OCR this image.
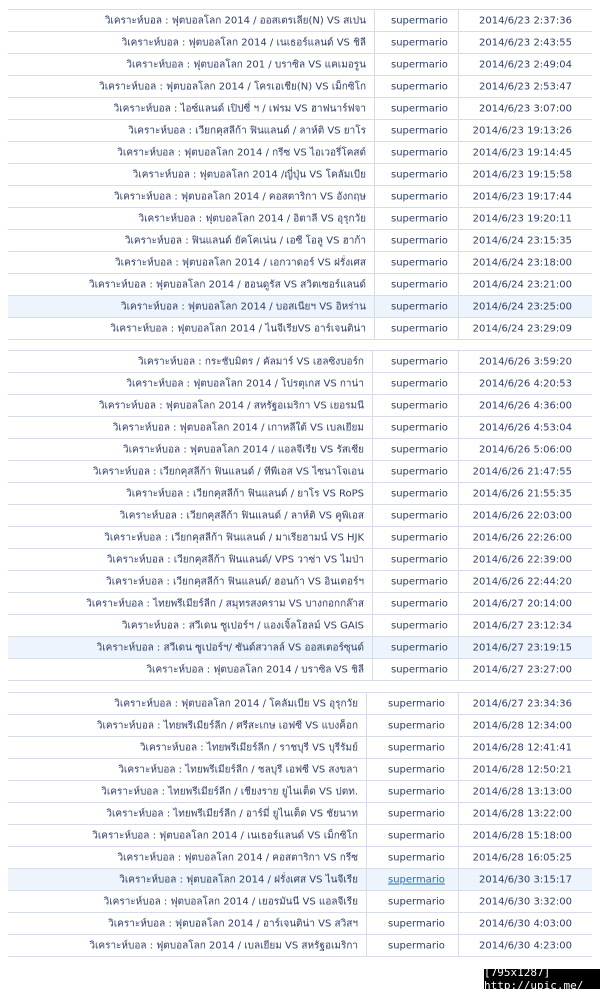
วิเคราะห์บอล : ฟุตบอลโลก 2014 / ออสเตรเลีย(N) VS สเปน	supermario	2014/6/23 2:37:36
วิเคราะห์บอล : ฟุตบอลโลก 2014 / เนเธอร์แลนด์ VS ชิลี	supermario	2014/6/23 2:43:55
วิเคราะห์บอล : ฟุตบอลโลก 201 / บราซิล VS แคเมอรูน	supermario	2014/6/23 2:49:04
วิเคราะห์บอล : ฟุตบอลโลก 2014 / โครเอเชีย(N) VS เม็กซิโก	supermario	2014/6/23 2:53:47
วิเคราะห์บอล : ไอซ์แลนด์ เปิปซี่ ฯ / เฟรม VS ฮาฟนาร์ฟจา	supermario	2014/6/23 3:07:00
วิเคราะห์บอล : เวียกคุสลีก้า ฟินแลนด์ / ลาห์ติ VS ยาโร	supermario 2014/6/23 19:13:26
วิเคราะห์บอล : ฟุตบอลโลก 2014 / กรีซ VS ไอเวอรี่โคสต์	supermario 2014/6/23 19:14:45
วิเคราะห์บอล : ฟุตบอลโลก 2014 /ญี่ปุ่น VS โคลัมเบีย	supermario 2014/6/23 19:15:58
วิเคราะห์บอล : ฟุตบอลโลก 2014 / คอสตาริกา VS อังกฤษ	supermario 2014/6/23 19:17:44
วิเคราะห์บอล : ฟุตบอลโลก 2014 / อิตาลี VS อุรุกวัย	supermario 2014/6/23 19:20:11
วิเคราะห์บอล : ฟินแลนด์ ยัคโคเน่น / เอซี โอลู VS ฮาก้า	supermario 2014/6/24 23:15:35
วิเคราะห์บอล : ฟุตบอลโลก 2014 / เอกวาดอร์ VS ฝรั่งเศส	supermario 2014/6/24 23:18:00
วิเคราะห์บอล : ฟุตบอลโลก 2014 / ฮอนดูรัส VS สวิตเซอร์แลนด์	supermario 2014/6/24 23:21:00
วิเคราะห์บอล : ฟุตบอลโลก 2014 / บอสเนียฯ VS อิหร่าน	supermario 2014/6/24 23:25:00
วิเคราะห์บอล : ฟุตบอลโลก 2014 / ไนจีเรียVS อาร์เจนติน่า	supermario 2014/6/24 23:29:09
วิเคราะห์บอล : กระชับมิตร / คัลมาร์ VS เฮลซิงบอร์ก	supermario	2014/6/26 3:59:20
วิเคราะห์บอล : ฟุตบอลโลก 2014 / โปรตุเกส VS กาน่า	supermario	2014/6/26 4:20:53
วิเคราะห์บอล : ฟุตบอลโลก 2014 / สหรัฐอเมริกา VS เยอรมนี	supermario	2014/6/26 4:36:00
วิเคราะห์บอล : ฟุตบอลโลก 2014 / เกาหลีใต้ VS เบลเยียม	supermario	2014/6/26 4:53:04
วิเคราะห์บอล : ฟุตบอลโลก 2014 / แอลจีเรีย VS รัสเซีย	supermario	2014/6/26 5:06:00
วิเคราะห์บอล : เวียกคุสลีก้า ฟินแลนด์ / ทีพีเอส VS ไซนาโจเอน	supermario 2014/6/26 21:47:55
วิเคราะห์บอล : เวียกคุสลีก้า ฟินแลนด์ / ยาโร VS RoPS	supermario 2014/6/26 21:55:35
วิเคราะห์บอล : เวียกคุสลีก้า ฟินแลนด์ / ลาห์ติ VS คูพิเอส	supermario 2014/6/26 22:03:00
วิเคราะห์บอล : เวียกคุสลีก้า ฟินแลนด์ / มาเรียฮามน์ VS HJK	supermario 2014/6/26 22:26:00
วิเคราะห์บอล : เวียกคุสลีก้า ฟินแลนด์/ VPS วาซ่า VS ไมป่า	supermario 2014/6/26 22:39:00
วิเคราะห์บอล : เวียกคุสลีก้า ฟินแลนด์/ ฮอนก้า VS อินเตอร์ฯ	supermario 2014/6/26 22:44:20
วิเคราะห์บอล : ไทยพรีเมียร์ลีก / สมุทรสงคราม VS บางกอกกล๊าส	supermario 2014/6/27 20:14:00
วิเคราะห์บอล : สวีเดน ซูเปอร์ฯ / แองเจิ้ลโฮลม์ VS GAIS	supermario 2014/6/27 23:12:34
วิเคราะห์บอล : สวีเดน ซูเปอร์ฯ/ ซันด์สวาลล์ VS ออสเตอร์ซุนด์	supermario 2014/6/27 23:19:15
วิเคราะห์บอล : ฟุตบอลโลก 2014 / บราซิล VS ชิลี	supermario 2014/6/27 23:27:00
วิเคราะห์บอล : ฟุตบอลโลก 2014 / โคลัมเบีย VS อุรุกวัย	supermario	2014/6/27 23:34:36
วิเคราะห์บอล : ไทยพรีเมียร์ลีก / ศรีสะเกษ เอฟซี VS แบงค็อก	supermario	2014/6/28 12:34:00
วิเคราะห์บอล : ไทยพรีเมียร์ลีก / ราชบุรี VS บุรีรัมย์	supermario	2014/6/28 12:41:41
วิเคราะห์บอล : ไทยพรีเมียร์ลีก / ชลบุรี เอฟซี VS สงขลา	supermario	2014/6/28 12:50:21
วิเคราะห์บอล : ไทยพรีเมียร์ลีก / เชียงราย ยูไนเต็ด VS ปตท.	supermario	2014/6/28 13:13:00
วิเคราะห์บอล : ไทยพรีเมียร์ลีก / อาร์มี่ ยูไนเต็ด VS ชัยนาท	supermario	2014/6/28 13:22:00
วิเคราะห์บอล : ฟุตบอลโลก 2014 / เนเธอร์แลนด์ VS เม็กซิโก	supermario	2014/6/28 15:18:00
วิเคราะห์บอล : ฟุตบอลโลก 2014 / คอสตาริกา VS กรีซ	supermario	2014/6/28 16:05:25
วิเคราะห์บอล : ฟุตบอลโลก 2014 / ฝรั่งเศส VS ไนจีเรีย	supermario	2014/6/30 3:15:17
วิเคราะห์บอล : ฟุตบอลโลก 2014 / เยอรมันนี VS แอลจีเรีย	supermario	2014/6/30 3:32:00
วิเคราะห์บอล : ฟุตบอลโลก 2014 / อาร์เจนติน่า VS สวิสฯ	supermario	2014/6/30 4:03:00
วิเคราะห์บอล : ฟุตบอลโลก 2014 / เบลเยียม VS สหรัฐอเมริกา	supermario	2014/6/30 4:23:00
[795x1287] http://upic.me/
